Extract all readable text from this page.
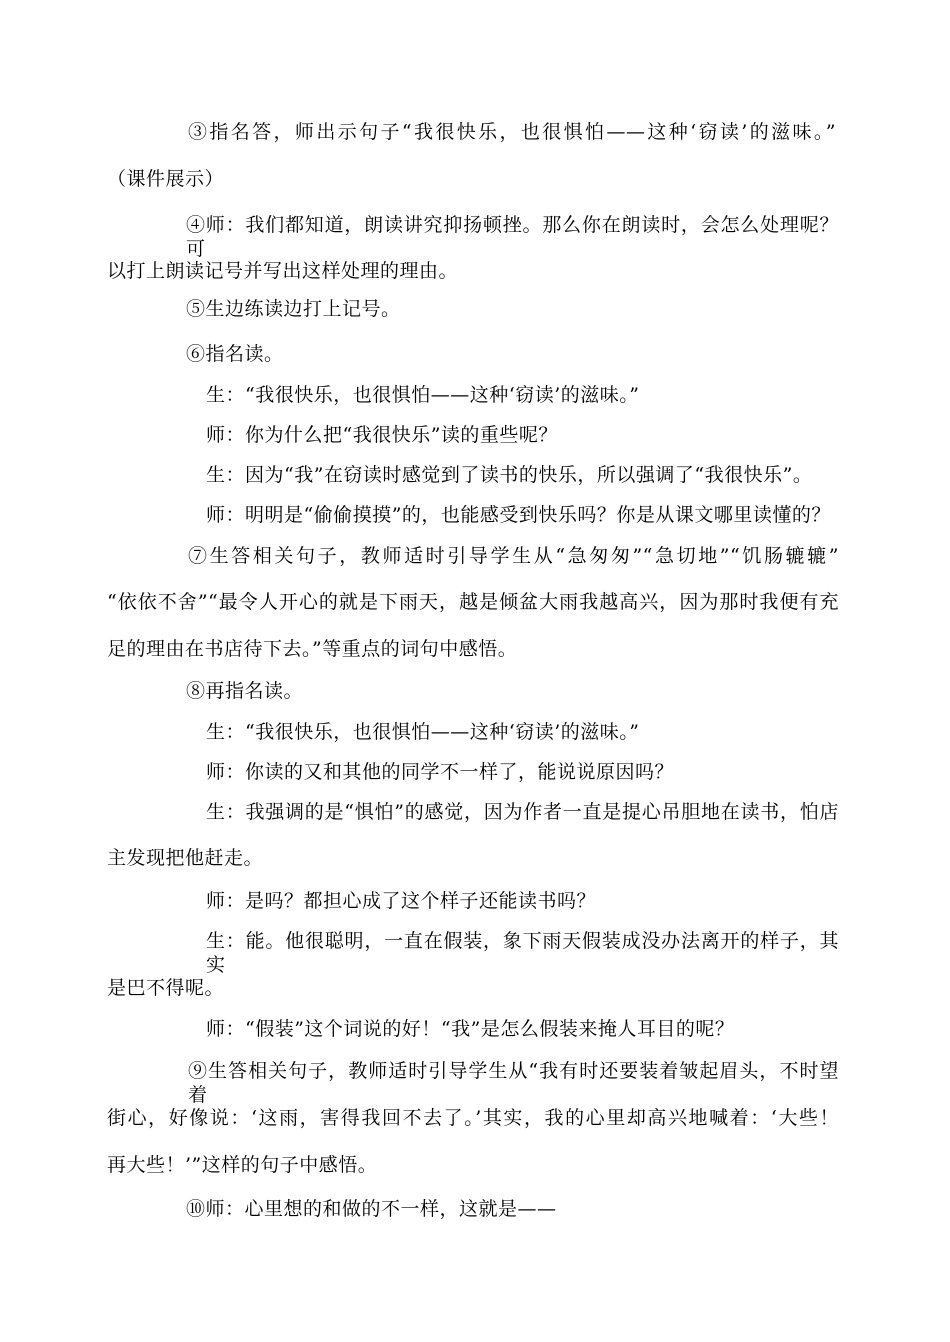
③指名答，师出示句子“我很快乐，也很惧怕——这种‘窃读’的滋味。”
（课件展示）
④师：我们都知道，朗读讲究抑扬顿挫。那么你在朗读时，会怎么处理呢？可
以打上朗读记号并写出这样处理的理由。
⑤生边练读边打上记号。
⑥指名读。
生：“我很快乐，也很惧怕——这种‘窃读’的滋味。”
师：你为什么把“我很快乐”读的重些呢？
生：因为“我”在窃读时感觉到了读书的快乐，所以强调了“我很快乐”。
师：明明是“偷偷摸摸”的，也能感受到快乐吗？你是从课文哪里读懂的？
⑦生答相关句子，教师适时引导学生从“急匆匆”“急切地”“饥肠辘辘”
“依依不舍”“最令人开心的就是下雨天，越是倾盆大雨我越高兴，因为那时我便有充
足的理由在书店待下去。”等重点的词句中感悟。
⑧再指名读。
生：“我很快乐，也很惧怕——这种‘窃读’的滋味。”
师：你读的又和其他的同学不一样了，能说说原因吗？
生：我强调的是“惧怕”的感觉，因为作者一直是提心吊胆地在读书，怕店
主发现把他赶走。
师：是吗？都担心成了这个样子还能读书吗？
生：能。他很聪明，一直在假装，象下雨天假装成没办法离开的样子，其实
是巴不得呢。
师：“假装”这个词说的好！“我”是怎么假装来掩人耳目的呢？
⑨生答相关句子，教师适时引导学生从“我有时还要装着皱起眉头，不时望着
街心，好像说：‘这雨，害得我回不去了。’其实，我的心里却高兴地喊着：‘大些！
再大些！’”这样的句子中感悟。
⑩师：心里想的和做的不一样，这就是——
